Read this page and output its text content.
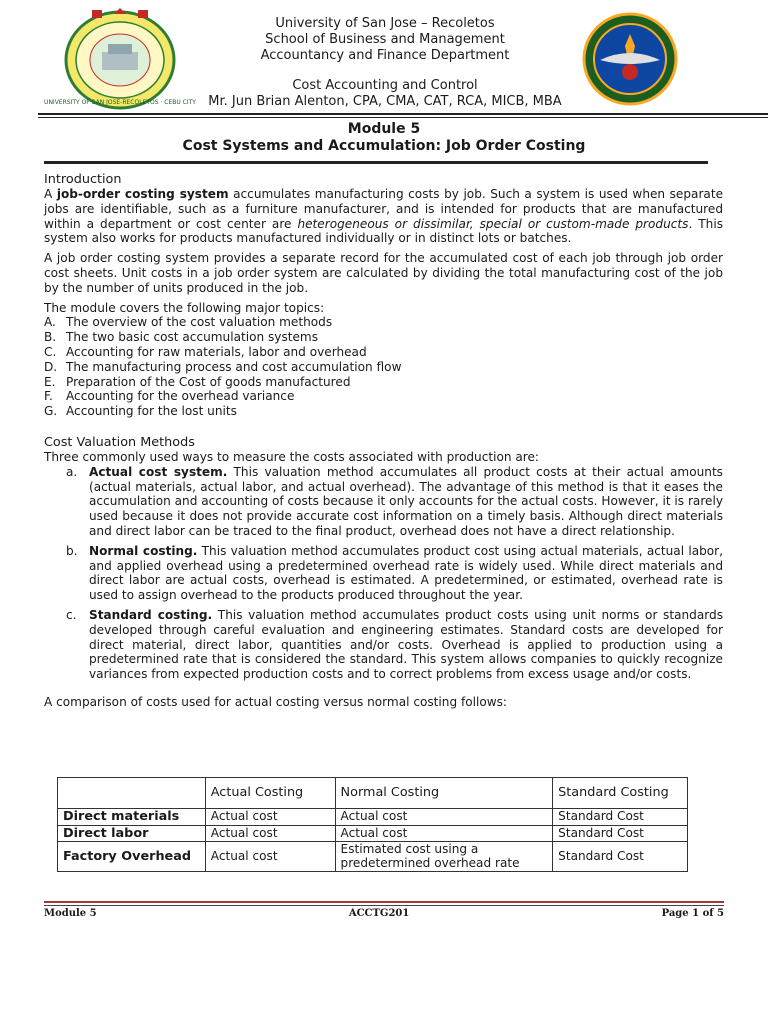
UNIVERSITY OF SAN JOSE-RECOLETOS · CEBU CITY
University of San Jose – Recoletos
School of Business and Management
Accountancy and Finance Department
Cost Accounting and Control
Mr. Jun Brian Alenton, CPA, CMA, CAT, RCA, MICB, MBA
Module 5
Cost Systems and Accumulation: Job Order Costing
Introduction

A job-order costing system accumulates manufacturing costs by job. Such a system is used when separate jobs are identifiable, such as a furniture manufacturer, and is intended for products that are manufactured within a department or cost center are heterogeneous or dissimilar, special or custom-made products. This system also works for products manufactured individually or in distinct lots or batches.

A job order costing system provides a separate record for the accumulated cost of each job through job order cost sheets. Unit costs in a job order system are calculated by dividing the total manufacturing cost of the job by the number of units produced in the job.

The module covers the following major topics:

A. The overview of the cost valuation methods
B. The two basic cost accumulation systems
C. Accounting for raw materials, labor and overhead
D. The manufacturing process and cost accumulation flow
E. Preparation of the Cost of goods manufactured
F.	Accounting for the overhead variance
G. Accounting for the lost units
Cost Valuation Methods

Three commonly used ways to measure the costs associated with production are:

a. Actual cost system. This valuation method accumulates all product costs at their actual amounts (actual materials, actual labor, and actual overhead). The advantage of this method is that it eases the accumulation and accounting of costs because it only accounts for the actual costs. However, it is rarely used because it does not provide accurate cost information on a timely basis. Although direct materials and direct labor can be traced to the final product, overhead does not have a direct relationship.
b. Normal costing. This valuation method accumulates product cost using actual materials, actual labor, and applied overhead using a predetermined overhead rate is widely used. While direct materials and direct labor are actual costs, overhead is estimated. A predetermined, or estimated, overhead rate is used to assign overhead to the products produced throughout the year.
c.	Standard costing. This valuation method accumulates product costs using unit norms or standards developed through careful evaluation and engineering estimates. Standard costs are developed for direct material, direct labor, quantities and/or costs. Overhead is applied to production using a predetermined rate that is considered the standard. This system allows companies to quickly recognize variances from expected production costs and to correct problems from excess usage and/or costs.

A comparison of costs used for actual costing versus normal costing follows:

	Actual Costing	Normal Costing	Standard Costing
Direct materials	Actual cost	Actual cost	Standard Cost
Direct labor	Actual cost	Actual cost	Standard Cost
Factory Overhead	Actual cost	Estimated cost using a predetermined overhead rate	Standard Cost
Module 5	ACCTG201	Page 1 of 5
